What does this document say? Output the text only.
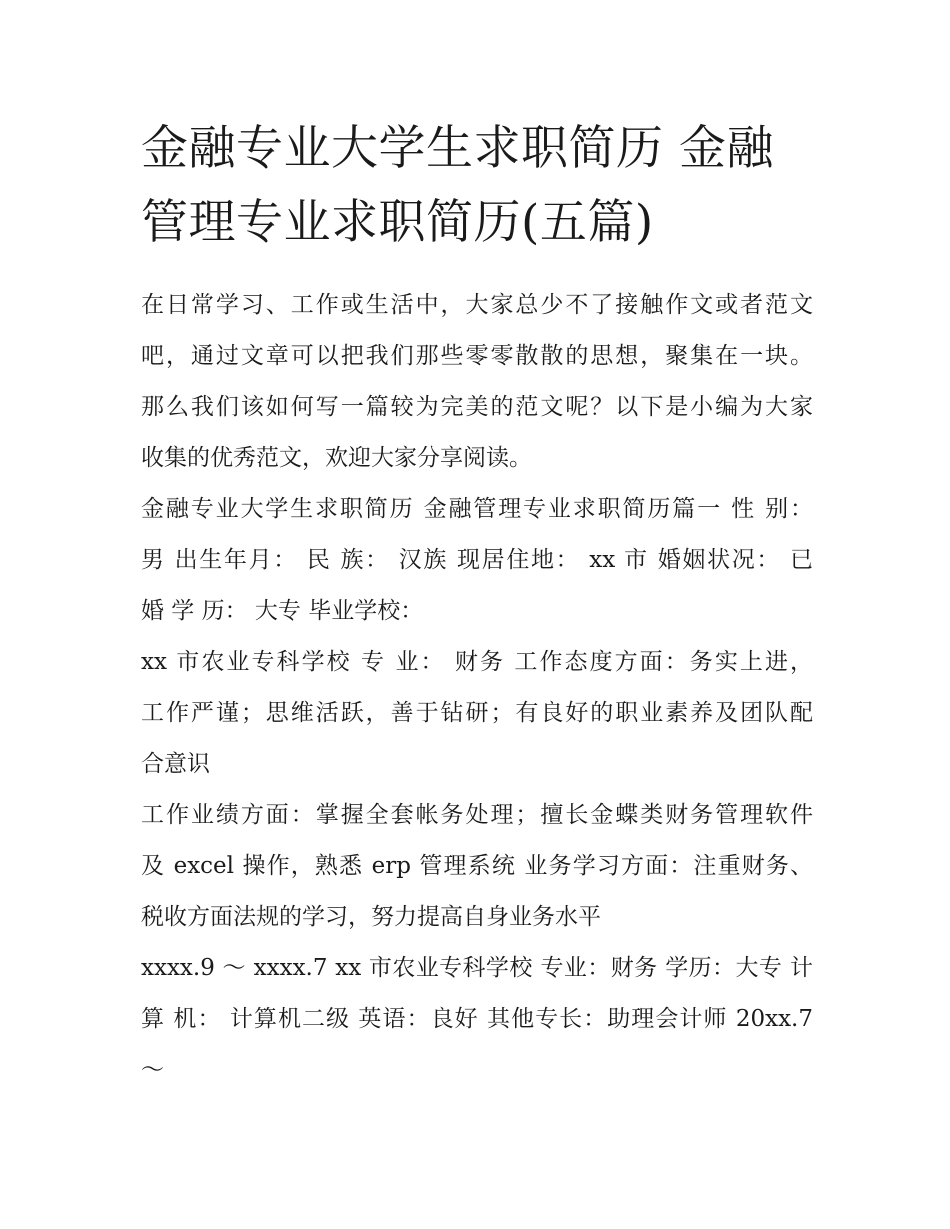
金融专业大学生求职简历 金融
管理专业求职简历(五篇)

在日常学习、工作或生活中，大家总少不了接触作文或者范文
吧，通过文章可以把我们那些零零散散的思想，聚集在一块。
那么我们该如何写一篇较为完美的范文呢？以下是小编为大家
收集的优秀范文，欢迎大家分享阅读。

金融专业大学生求职简历 金融管理专业求职简历篇一 性 别：
男 出生年月： 民 族： 汉族 现居住地： xx 市 婚姻状况： 已
婚 学 历： 大专 毕业学校：

xx 市农业专科学校 专 业： 财务 工作态度方面：务实上进，
工作严谨；思维活跃，善于钻研；有良好的职业素养及团队配
合意识

工作业绩方面：掌握全套帐务处理；擅长金蝶类财务管理软件
及 excel 操作，熟悉 erp 管理系统 业务学习方面：注重财务、
税收方面法规的学习，努力提高自身业务水平

xxxx.9 ～ xxxx.7 xx 市农业专科学校 专业：财务 学历：大专 计
算 机： 计算机二级 英语：良好 其他专长：助理会计师 20xx.7
～
